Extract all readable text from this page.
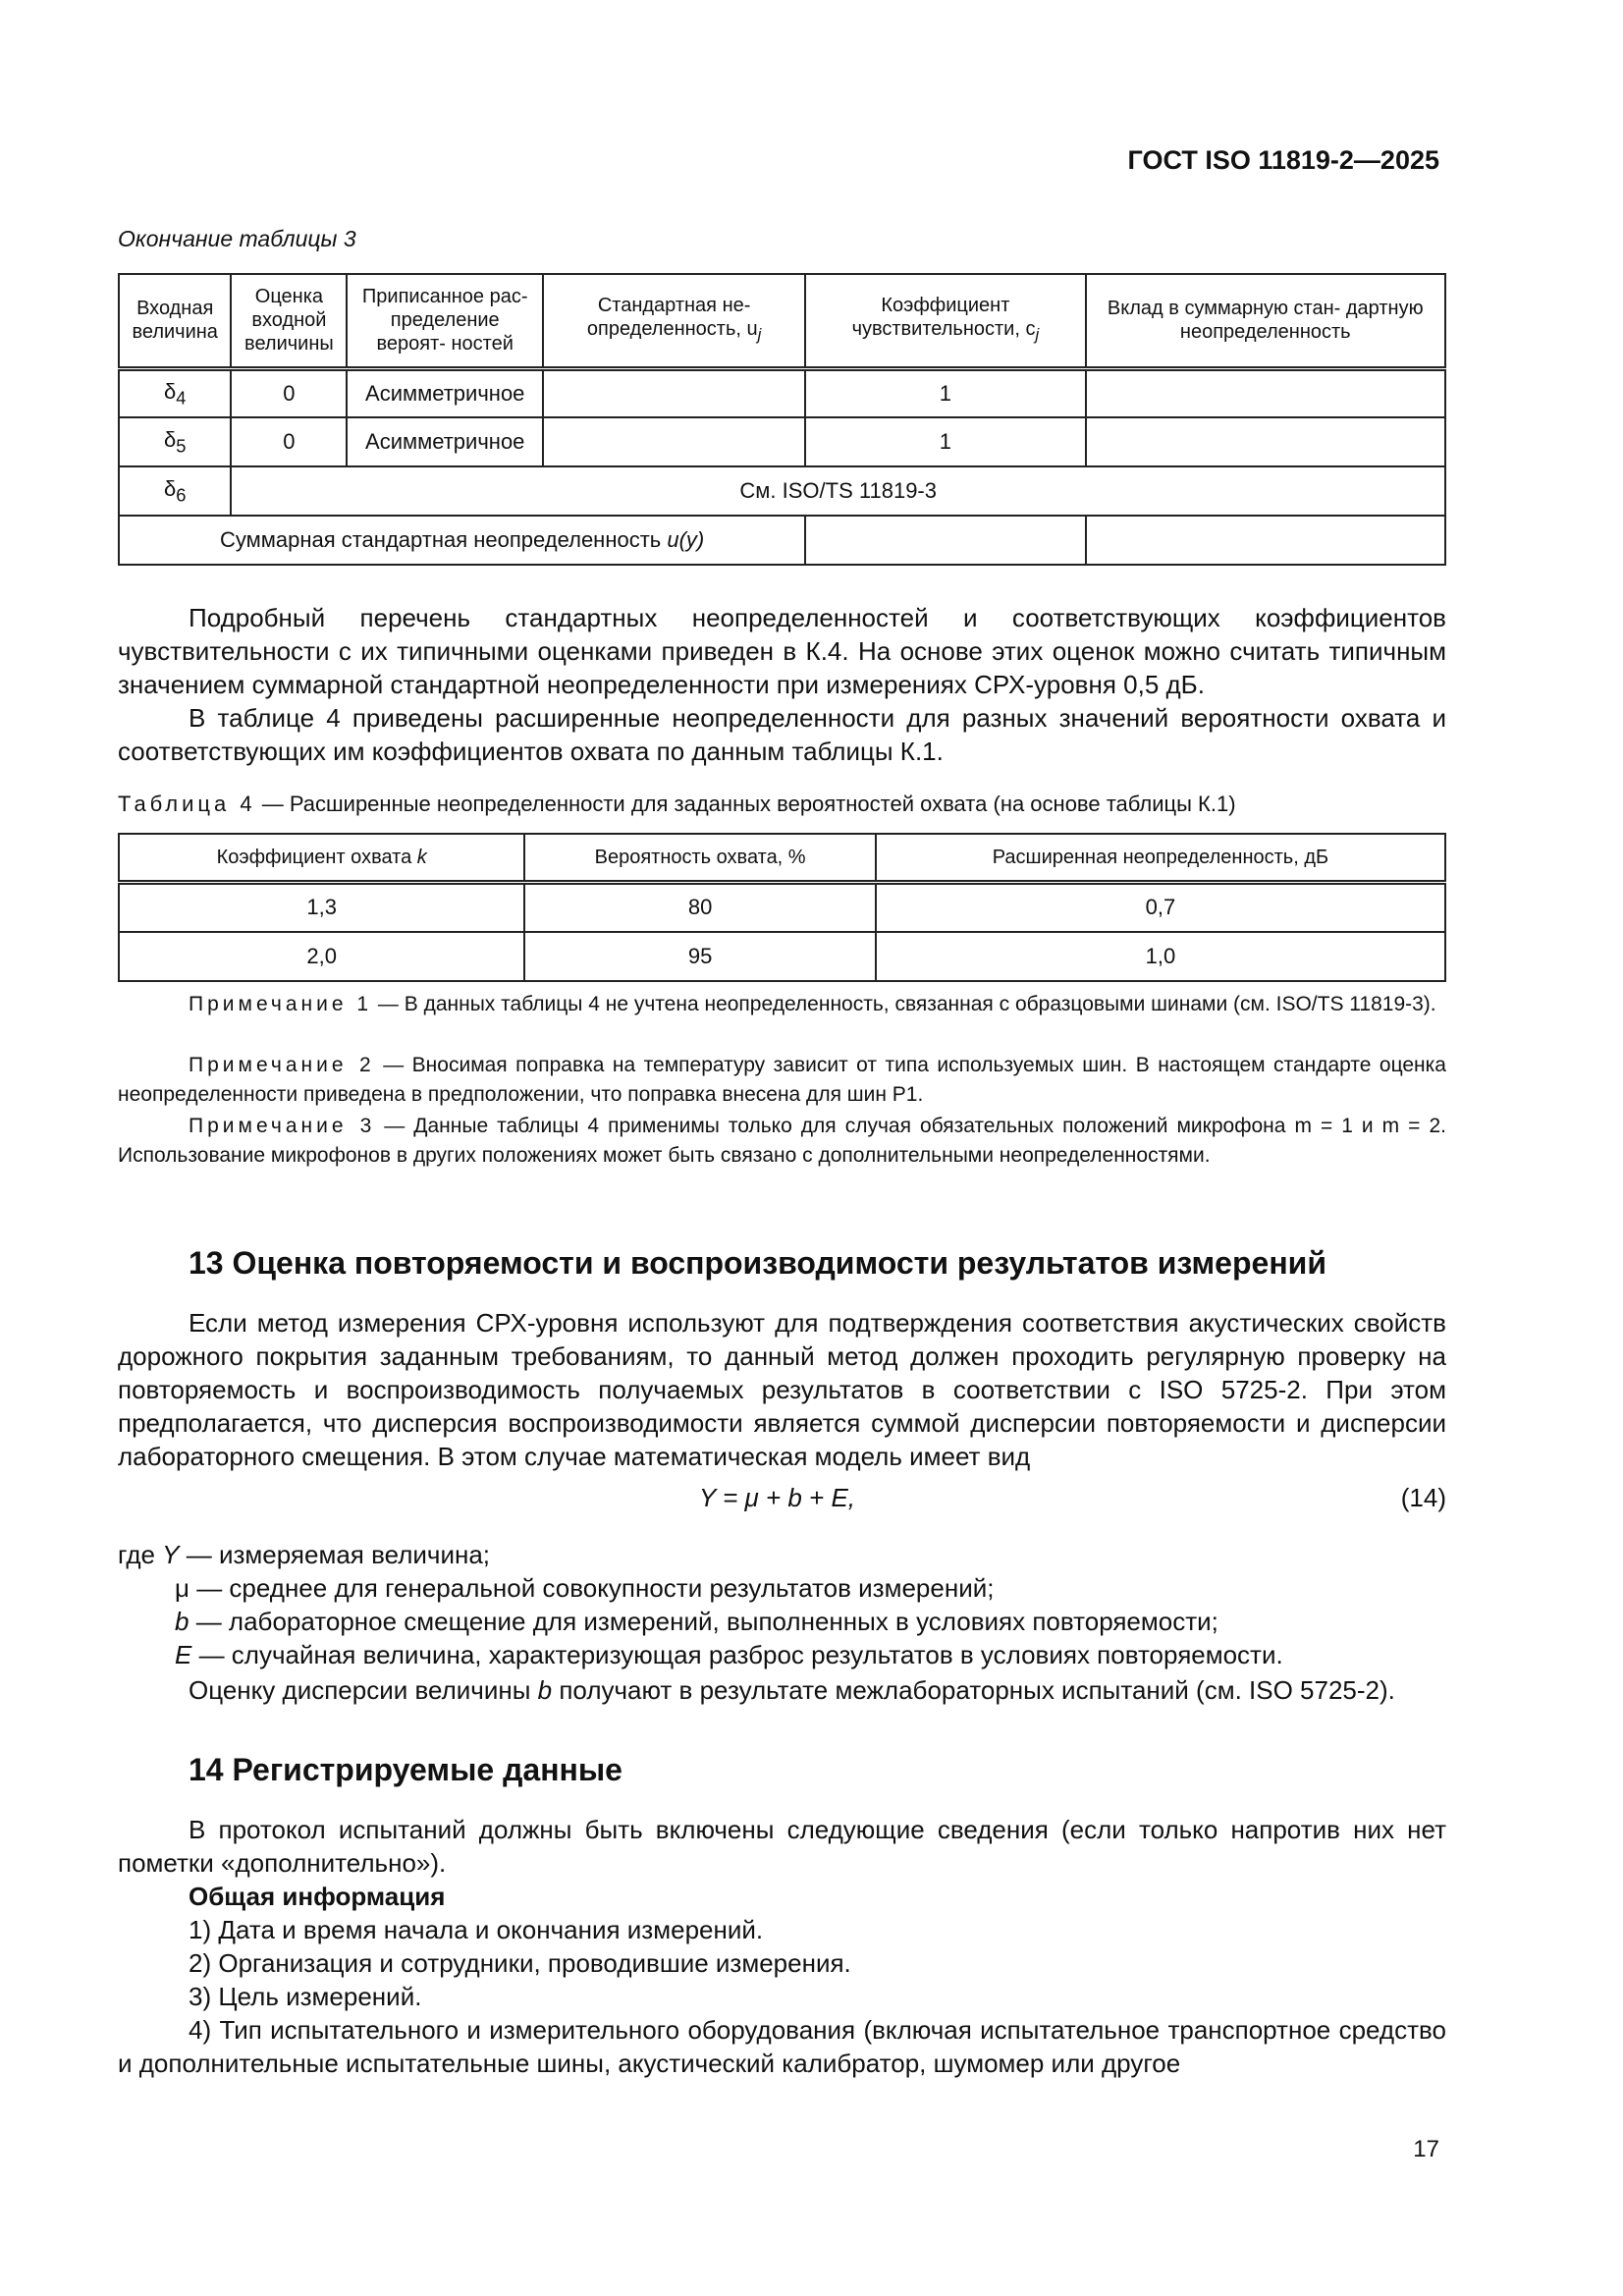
ГОСТ ISO 11819-2—2025
Окончание таблицы 3
Входная величина	Оценка входной величины	Приписанное рас- пределение вероят- ностей	Стандартная не- определенность, $u_j$	Коэффициент чувствительности, $c_j$	Вклад в суммарную стан- дартную неопределенность
$\delta_4$	0	Асимметричное		1	
$\delta_5$	0	Асимметричное		1	
$\delta_6$	См. ISO/TS 11819-3				
Суммарная стандартная неопределенность u(y)					
Подробный перечень стандартных неопределенностей и соответствующих коэффициентов чувствительности с их типичными оценками приведен в К.4. На основе этих оценок можно считать типичным значением суммарной стандартной неопределенности при измерениях СРХ-уровня 0,5 дБ.
В таблице 4 приведены расширенные неопределенности для разных значений вероятности охвата и соответствующих им коэффициентов охвата по данным таблицы К.1.
Таблица 4 — Расширенные неопределенности для заданных вероятностей охвата (на основе таблицы К.1)
Коэффициент охвата k	Вероятность охвата, %	Расширенная неопределенность, дБ
1,3	80	0,7
2,0	95	1,0
Примечание 1 — В данных таблицы 4 не учтена неопределенность, связанная с образцовыми шинами (см. ISO/TS 11819-3).
Примечание 2 — Вносимая поправка на температуру зависит от типа используемых шин. В настоящем стандарте оценка неопределенности приведена в предположении, что поправка внесена для шин Р1.
Примечание 3 — Данные таблицы 4 применимы только для случая обязательных положений микрофона m = 1 и m = 2. Использование микрофонов в других положениях может быть связано с дополнительными неопределенностями.
13 Оценка повторяемости и воспроизводимости результатов измерений
Если метод измерения СРХ-уровня используют для подтверждения соответствия акустических свойств дорожного покрытия заданным требованиям, то данный метод должен проходить регулярную проверку на повторяемость и воспроизводимость получаемых результатов в соответствии с ISO 5725-2. При этом предполагается, что дисперсия воспроизводимости является суммой дисперсии повторяемости и дисперсии лабораторного смещения. В этом случае математическая модель имеет вид
Y = μ + b + E,	(14)
где Y — измеряемая величина;
μ — среднее для генеральной совокупности результатов измерений;
b — лабораторное смещение для измерений, выполненных в условиях повторяемости;
E — случайная величина, характеризующая разброс результатов в условиях повторяемости.
Оценку дисперсии величины b получают в результате межлабораторных испытаний (см. ISO 5725-2).
14 Регистрируемые данные
В протокол испытаний должны быть включены следующие сведения (если только напротив них нет пометки «дополнительно»).
Общая информация
1) Дата и время начала и окончания измерений.
2) Организация и сотрудники, проводившие измерения.
3) Цель измерений.
4) Тип испытательного и измерительного оборудования (включая испытательное транспортное средство и дополнительные испытательные шины, акустический калибратор, шумомер или другое
17
